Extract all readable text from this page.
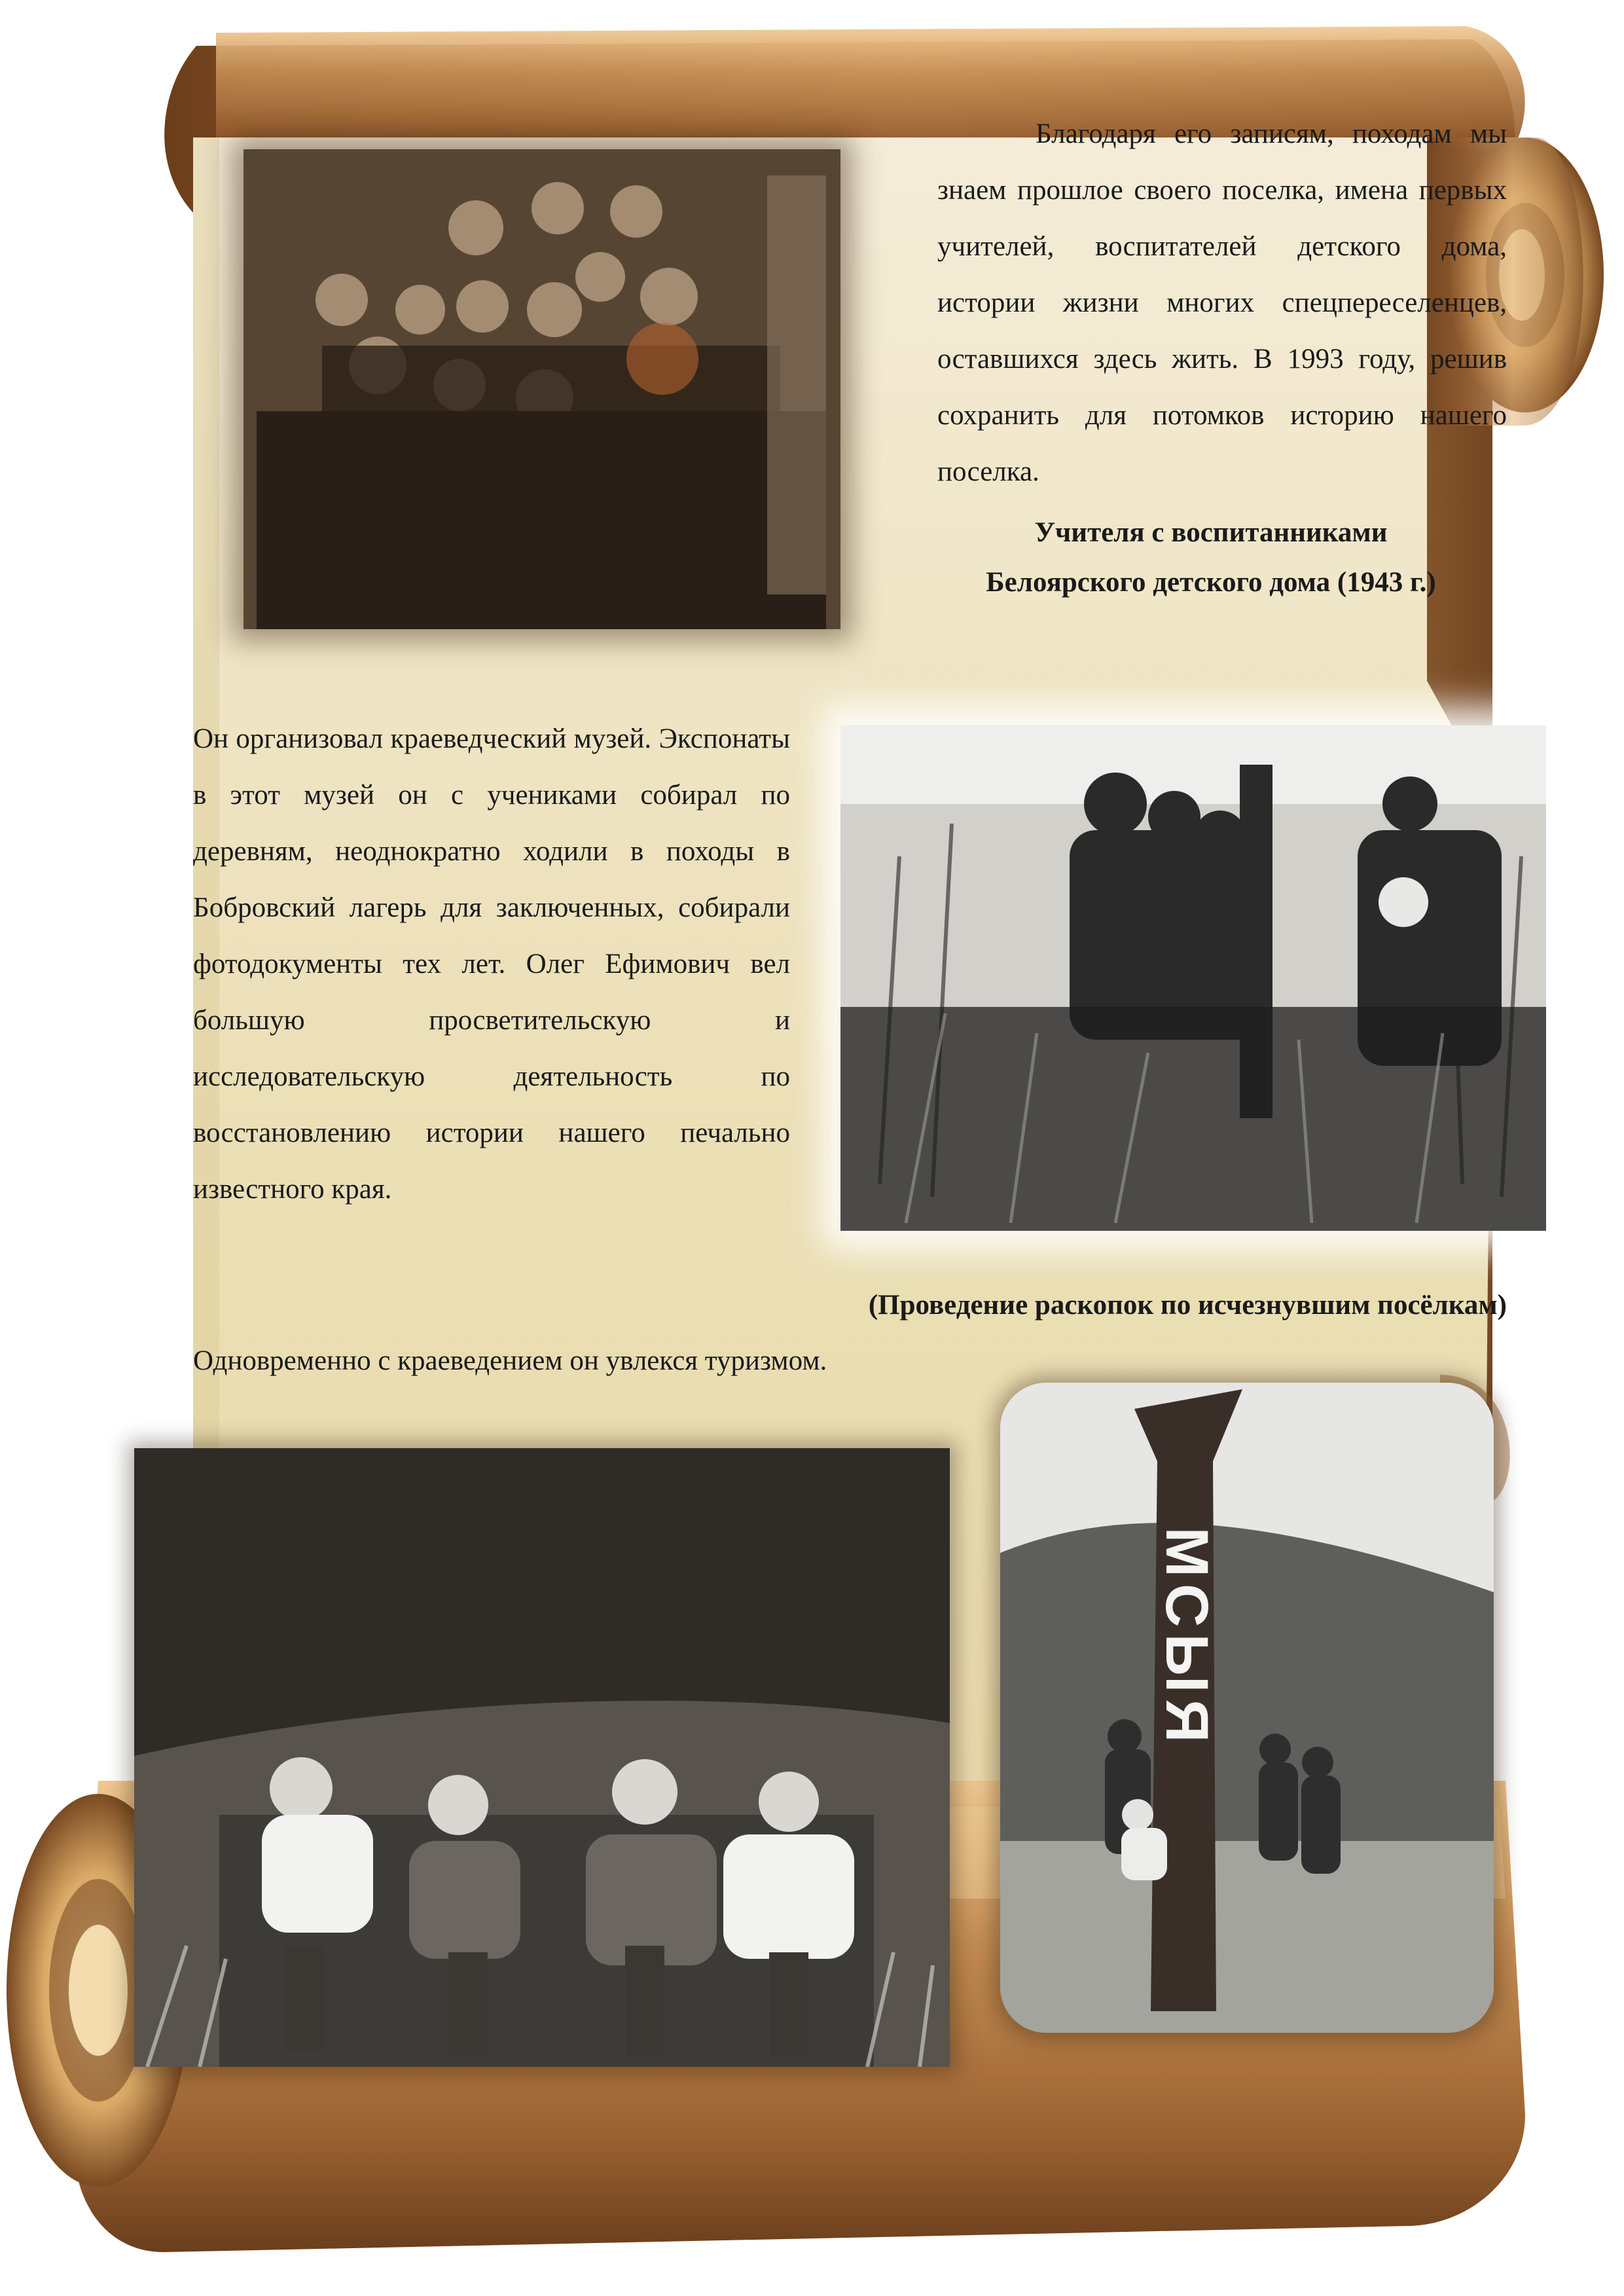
Благодаря его записям, походам мы знаем прошлое своего поселка, имена первых учителей, воспитателей детского дома, истории жизни многих спецпереселенцев, оставшихся здесь жить. В 1993 году, решив сохранить для потомков историю нашего поселка.

Учителя с воспитанниками
Белоярского детского дома (1943 г.)

Он организовал краеведческий музей. Экспонаты в этот музей он с учениками собирал по деревням, неоднократно ходили в походы в Бобровский лагерь для заключенных, собирали фотодокументы тех лет. Олег Ефимович вел большую просветительскую и исследовательскую деятельность по восстановлению истории нашего печально известного края.

(Проведение раскопок по исчезнувшим посёлкам)

Одновременно с краеведением он увлекся туризмом.

МСЫЯ
